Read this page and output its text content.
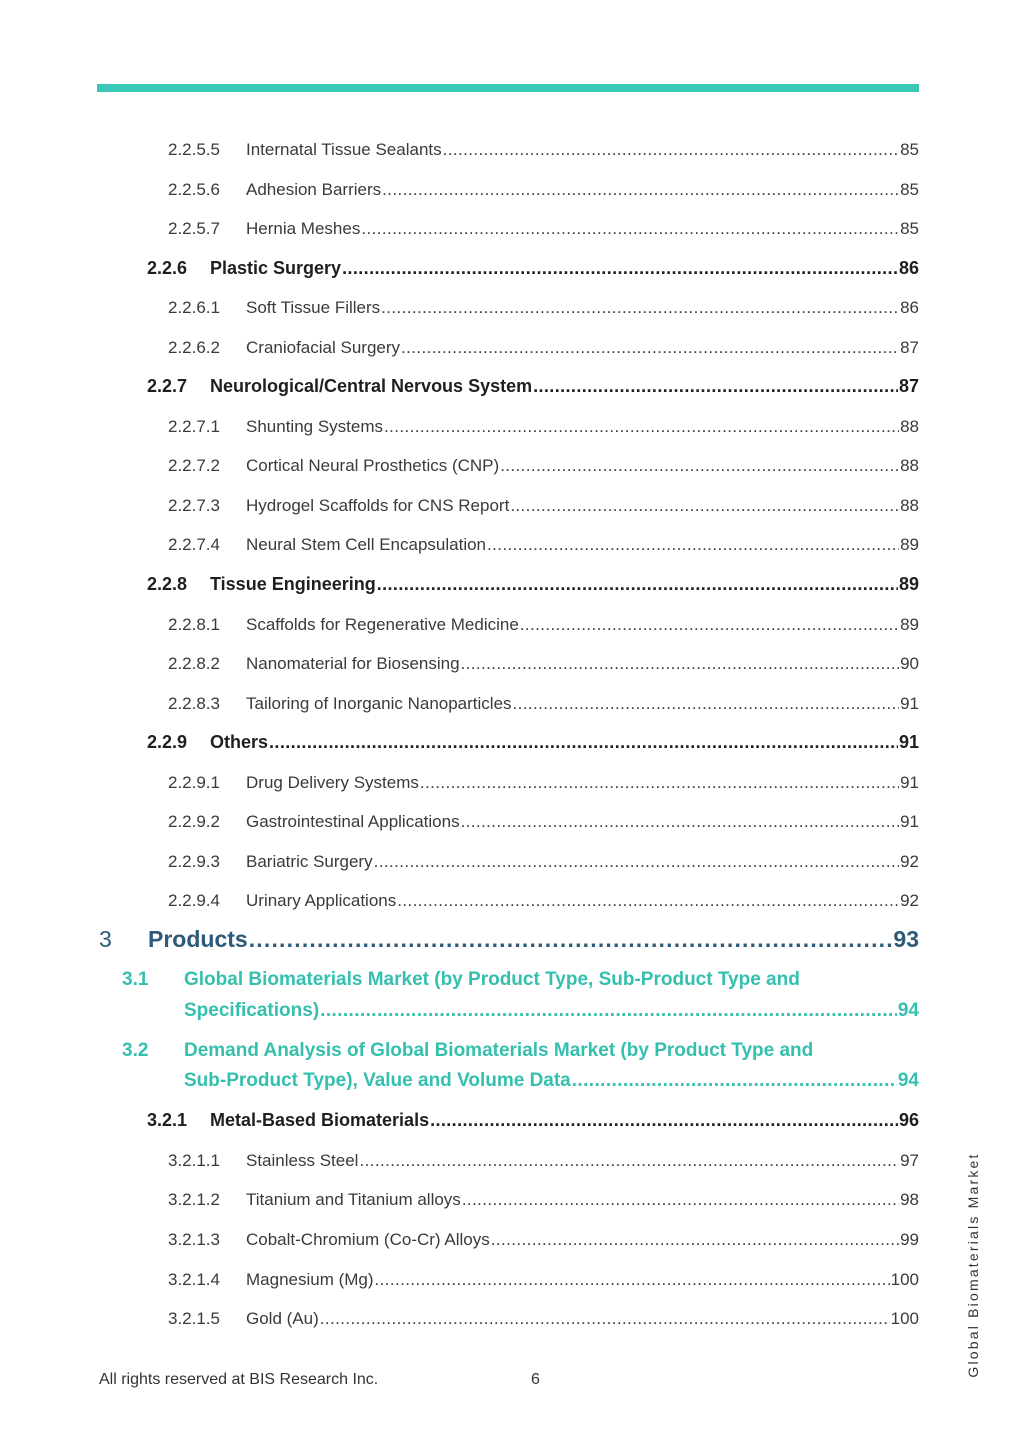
2.2.5.5	Internatal Tissue Sealants .....	85
2.2.5.6	Adhesion Barriers .....	85
2.2.5.7	Hernia Meshes .....	85
2.2.6	Plastic Surgery .....	86
2.2.6.1	Soft Tissue Fillers .....	86
2.2.6.2	Craniofacial Surgery .....	87
2.2.7	Neurological/Central Nervous System .....	87
2.2.7.1	Shunting Systems .....	88
2.2.7.2	Cortical Neural Prosthetics (CNP) .....	88
2.2.7.3	Hydrogel Scaffolds for CNS Report .....	88
2.2.7.4	Neural Stem Cell Encapsulation .....	89
2.2.8	Tissue Engineering .....	89
2.2.8.1	Scaffolds for Regenerative Medicine .....	89
2.2.8.2	Nanomaterial for Biosensing .....	90
2.2.8.3	Tailoring of Inorganic Nanoparticles .....	91
2.2.9	Others .....	91
2.2.9.1	Drug Delivery Systems .....	91
2.2.9.2	Gastrointestinal Applications .....	91
2.2.9.3	Bariatric Surgery .....	92
2.2.9.4	Urinary Applications .....	92
3	Products .....	93
3.1 Global Biomaterials Market (by Product Type, Sub-Product Type and
Specifications) .....	94
3.2 Demand Analysis of Global Biomaterials Market (by Product Type and
Sub-Product Type), Value and Volume Data .....	94
3.2.1	Metal-Based Biomaterials .....	96
3.2.1.1	Stainless Steel .....	97
3.2.1.2	Titanium and Titanium alloys .....	98
3.2.1.3	Cobalt-Chromium (Co-Cr) Alloys .....	99
3.2.1.4	Magnesium (Mg) .....	100
3.2.1.5	Gold (Au) .....	100
All rights reserved at BIS Research Inc.	6
Global Biomaterials Market
